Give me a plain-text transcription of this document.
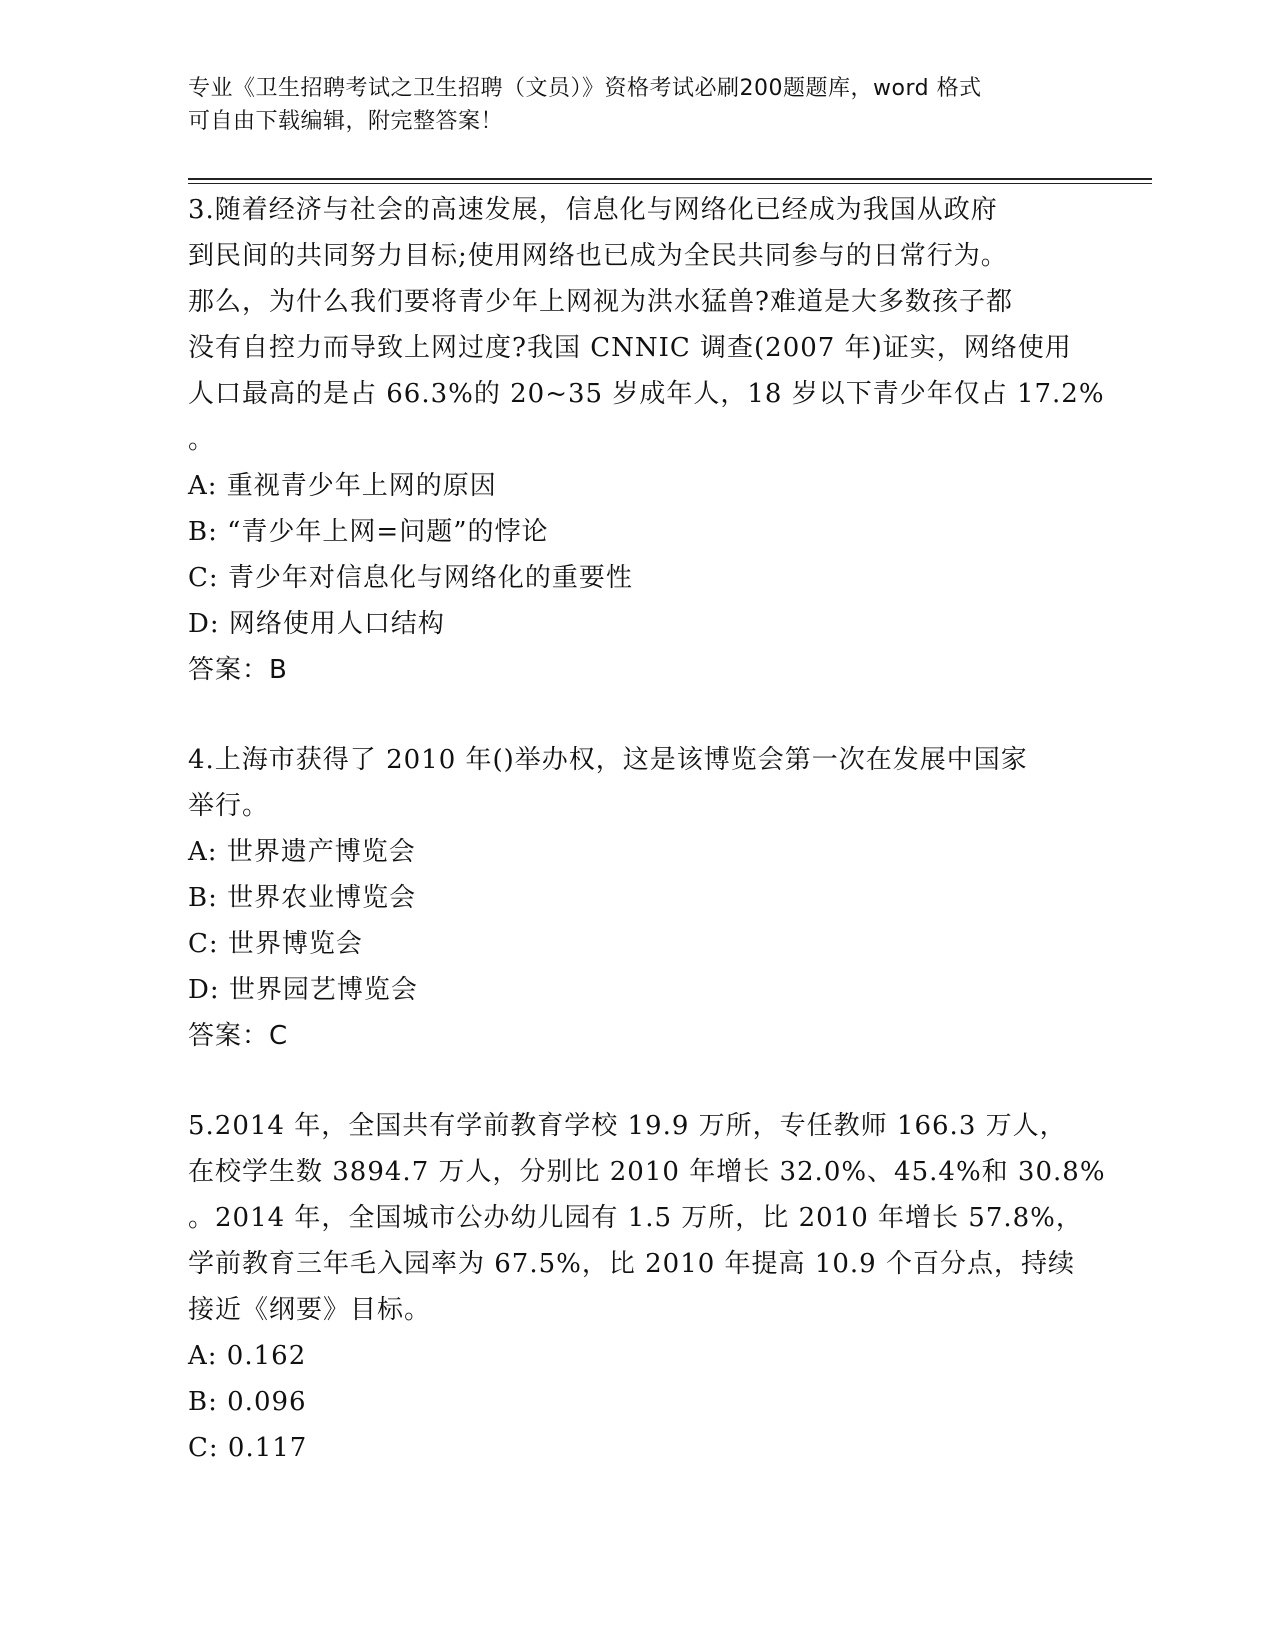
专业《卫生招聘考试之卫生招聘（文员）》资格考试必刷200题题库，word 格式
可自由下载编辑，附完整答案！
3.随着经济与社会的高速发展，信息化与网络化已经成为我国从政府
到民间的共同努力目标;使用网络也已成为全民共同参与的日常行为。
那么，为什么我们要将青少年上网视为洪水猛兽?难道是大多数孩子都
没有自控力而导致上网过度?我国 CNNIC 调查(2007 年)证实，网络使用
人口最高的是占 66.3%的 20~35 岁成年人，18 岁以下青少年仅占 17.2%
。
A: 重视青少年上网的原因
B: “青少年上网=问题”的悖论
C: 青少年对信息化与网络化的重要性
D: 网络使用人口结构
答案：B
4.上海市获得了 2010 年()举办权，这是该博览会第一次在发展中国家
举行。
A: 世界遗产博览会
B: 世界农业博览会
C: 世界博览会
D: 世界园艺博览会
答案：C
5.2014 年，全国共有学前教育学校 19.9 万所，专任教师 166.3 万人，
在校学生数 3894.7 万人，分别比 2010 年增长 32.0%、45.4%和 30.8%
。2014 年，全国城市公办幼儿园有 1.5 万所，比 2010 年增长 57.8%，
学前教育三年毛入园率为 67.5%，比 2010 年提高 10.9 个百分点，持续
接近《纲要》目标。
A: 0.162
B: 0.096
C: 0.117
